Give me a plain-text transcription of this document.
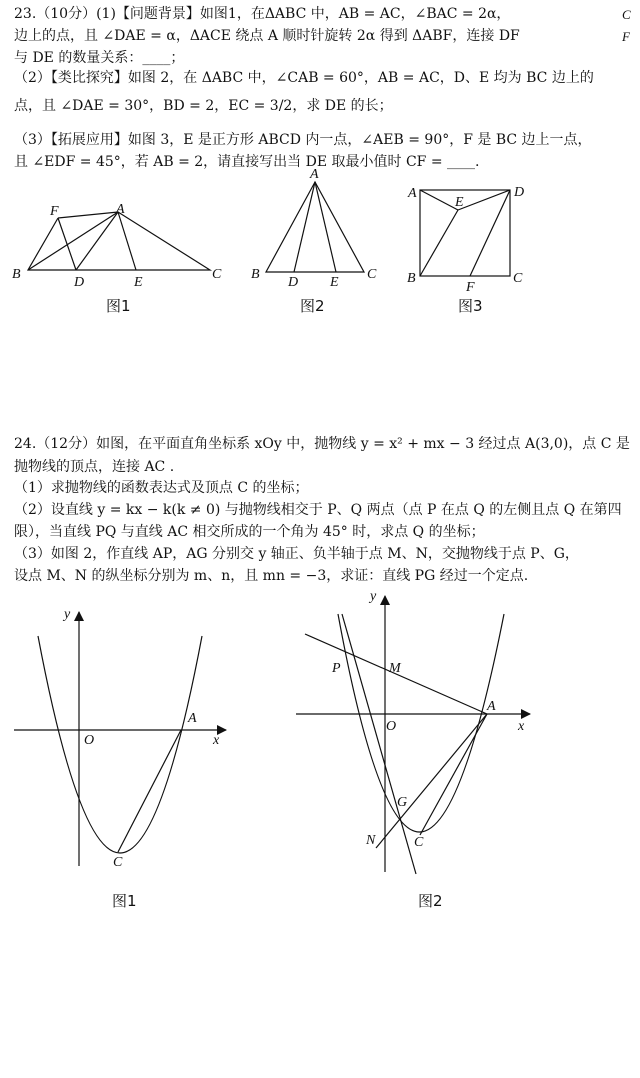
23.（10分）(1)【问题背景】如图1，在ΔABC 中，AB = AC，∠BAC = 2α，
边上的点，且 ∠DAE = α，ΔACE 绕点 A 顺时针旋转 2α 得到 ΔABF，连接 DF
与 DE 的数量关系：____；
（2）【类比探究】如图 2，在 ΔABC 中，∠CAB = 60°，AB = AC，D、E 均为 BC 边上的
点，且 ∠DAE = 30°，BD = 2，EC = 3/2，求 DE 的长；
（3）【拓展应用】如图 3，E 是正方形 ABCD 内一点，∠AEB = 90°，F 是 BC 边上一点，
且 ∠EDF = 45°，若 AB = 2，请直接写出当 DE 取最小值时 CF = ____.
C
F
F	A
B
D	E
C
图1
A
B
D E
C
图2
A
E
D
B
F
C
图3
24.（12分）如图，在平面直角坐标系 xOy 中，抛物线 y = x² + mx − 3 经过点 A(3,0)，点 C 是
抛物线的顶点，连接 AC .
（1）求抛物线的函数表达式及顶点 C 的坐标；
（2）设直线 y = kx − k(k ≠ 0) 与抛物线相交于 P、Q 两点（点 P 在点 Q 的左侧且点 Q 在第四
限），当直线 PQ 与直线 AC 相交所成的一个角为 45° 时，求点 Q 的坐标；
（3）如图 2，作直线 AP，AG 分别交 y 轴正、负半轴于点 M、N，交抛物线于点 P、G，
设点 M、N 的纵坐标分别为 m、n，且 mn = −3，求证：直线 PG 经过一个定点.
y
A
O	x
C
图1
y
P	M
A
O	x
G
N	C
图2
